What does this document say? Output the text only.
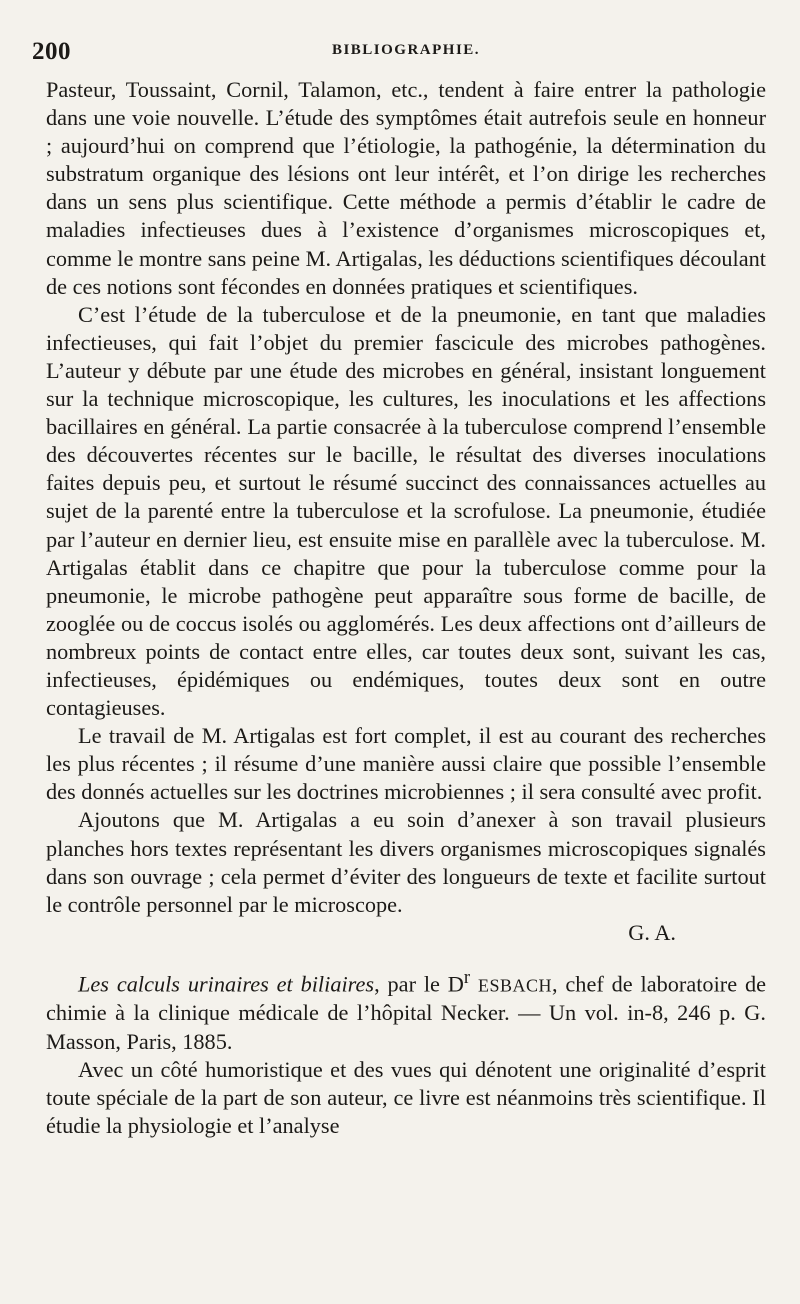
200	BIBLIOGRAPHIE.

Pasteur, Toussaint, Cornil, Talamon, etc., tendent à faire entrer la pathologie dans une voie nouvelle. L’étude des symptômes était autrefois seule en honneur ; aujourd’hui on comprend que l’étiologie, la pathogénie, la détermination du substratum organique des lésions ont leur intérêt, et l’on dirige les recherches dans un sens plus scientifique. Cette méthode a permis d’établir le cadre de maladies infectieuses dues à l’existence d’organismes microscopiques et, comme le montre sans peine M. Artigalas, les déductions scientifiques découlant de ces notions sont fécondes en données pratiques et scientifiques.

C’est l’étude de la tuberculose et de la pneumonie, en tant que maladies infectieuses, qui fait l’objet du premier fascicule des microbes pathogènes. L’auteur y débute par une étude des microbes en général, insistant longuement sur la technique microscopique, les cultures, les inoculations et les affections bacillaires en général. La partie consacrée à la tuberculose comprend l’ensemble des découvertes récentes sur le bacille, le résultat des diverses inoculations faites depuis peu, et surtout le résumé succinct des connaissances actuelles au sujet de la parenté entre la tuberculose et la scrofulose. La pneumonie, étudiée par l’auteur en dernier lieu, est ensuite mise en parallèle avec la tuberculose. M. Artigalas établit dans ce chapitre que pour la tuberculose comme pour la pneumonie, le microbe pathogène peut apparaître sous forme de bacille, de zooglée ou de coccus isolés ou agglomérés. Les deux affections ont d’ailleurs de nombreux points de contact entre elles, car toutes deux sont, suivant les cas, infectieuses, épidémiques ou endémiques, toutes deux sont en outre contagieuses.

Le travail de M. Artigalas est fort complet, il est au courant des recherches les plus récentes ; il résume d’une manière aussi claire que possible l’ensemble des donnés actuelles sur les doctrines microbiennes ; il sera consulté avec profit.

Ajoutons que M. Artigalas a eu soin d’anexer à son travail plusieurs planches hors textes représentant les divers organismes microscopiques signalés dans son ouvrage ; cela permet d’éviter des longueurs de texte et facilite surtout le contrôle personnel par le microscope.

G. A.

Les calculs urinaires et biliaires, par le $D^r$ ESBACH, chef de laboratoire de chimie à la clinique médicale de l’hôpital Necker. — Un vol. in-8, 246 p. G. Masson, Paris, 1885.

Avec un côté humoristique et des vues qui dénotent une originalité d’esprit toute spéciale de la part de son auteur, ce livre est néanmoins très scientifique. Il étudie la physiologie et l’analyse
